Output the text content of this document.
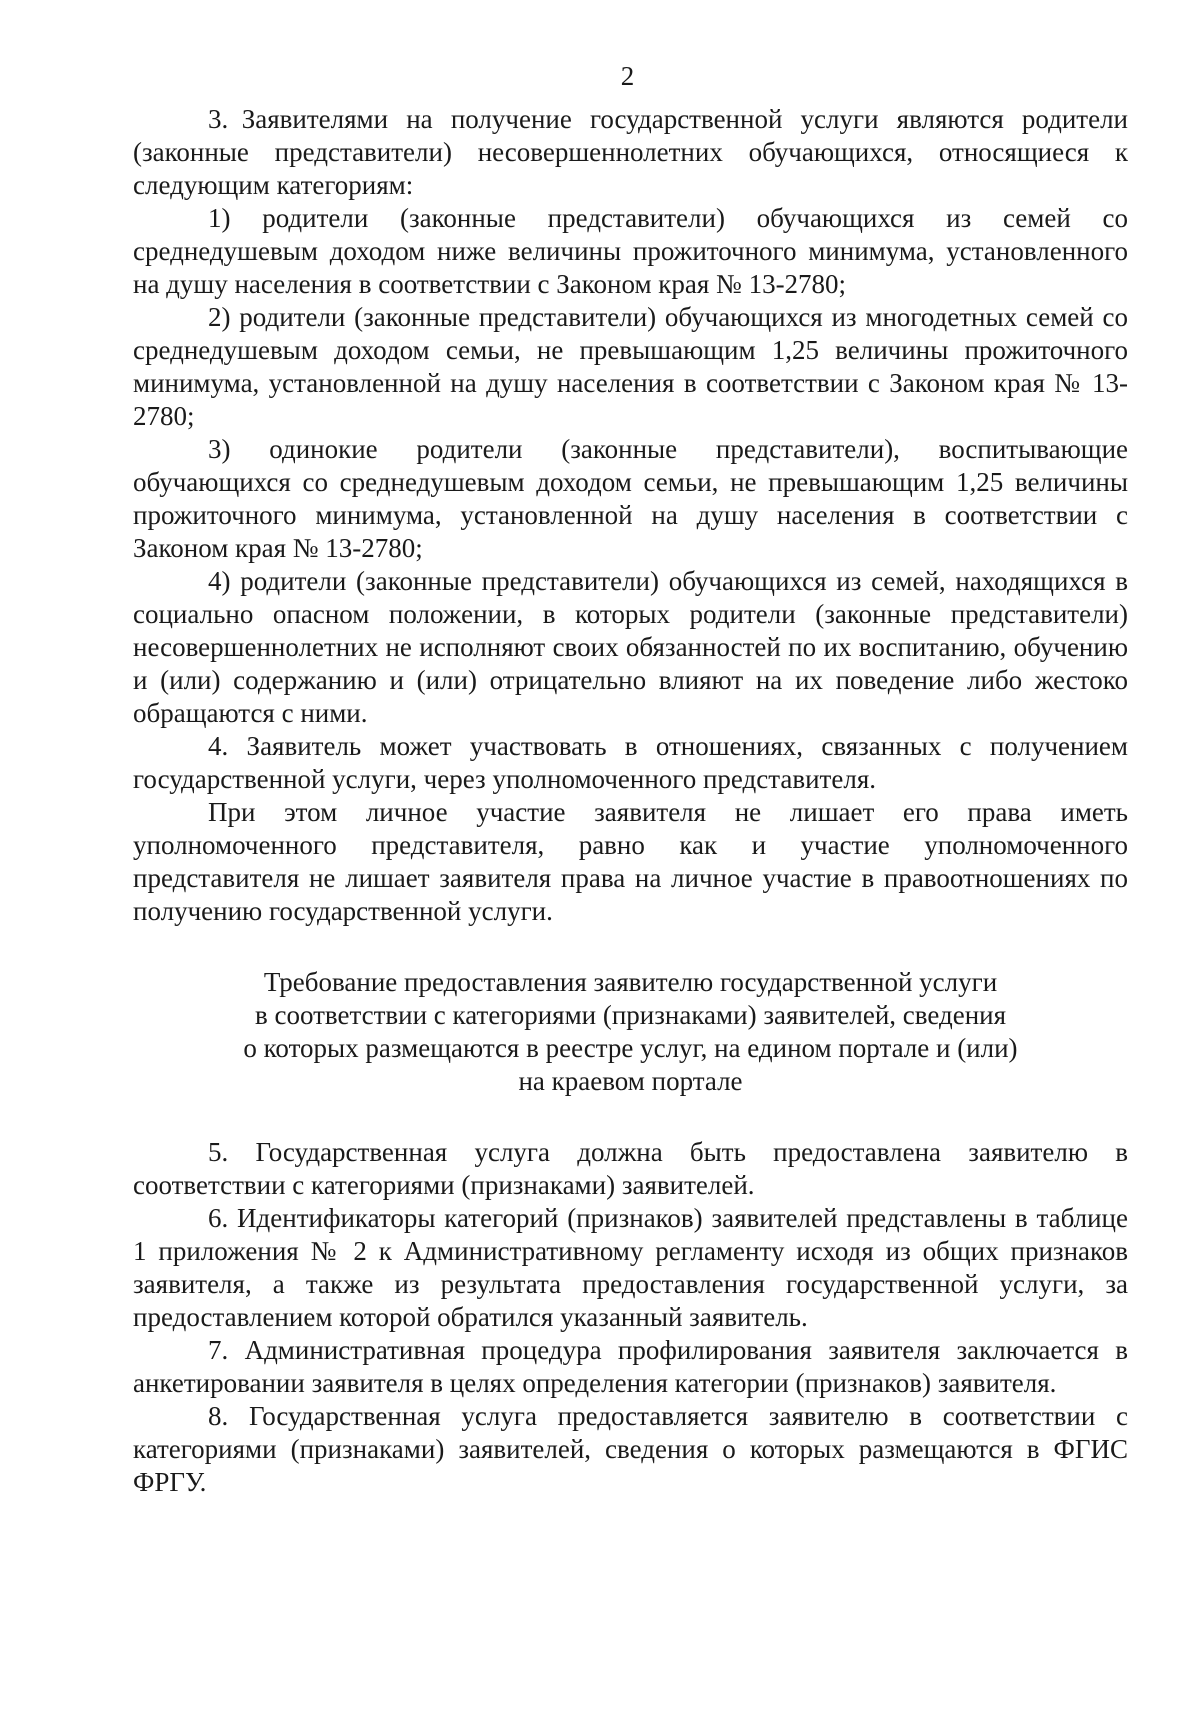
2

3. Заявителями на получение государственной услуги являются родители (законные представители) несовершеннолетних обучающихся, относящиеся к следующим категориям:

1) родители (законные представители) обучающихся из семей со среднедушевым доходом ниже величины прожиточного минимума, установленного на душу населения в соответствии с Законом края № 13-2780;

2) родители (законные представители) обучающихся из многодетных семей со среднедушевым доходом семьи, не превышающим 1,25 величины прожиточного минимума, установленной на душу населения в соответствии с Законом края № 13-2780;

3) одинокие родители (законные представители), воспитывающие обучающихся со среднедушевым доходом семьи, не превышающим 1,25 величины прожиточного минимума, установленной на душу населения в соответствии с Законом края № 13-2780;

4) родители (законные представители) обучающихся из семей, находящихся в социально опасном положении, в которых родители (законные представители) несовершеннолетних не исполняют своих обязанностей по их воспитанию, обучению и (или) содержанию и (или) отрицательно влияют на их поведение либо жестоко обращаются с ними.

4. Заявитель может участвовать в отношениях, связанных с получением государственной услуги, через уполномоченного представителя.

При этом личное участие заявителя не лишает его права иметь уполномоченного представителя, равно как и участие уполномоченного представителя не лишает заявителя права на личное участие в правоотношениях по получению государственной услуги.

Требование предоставления заявителю государственной услуги
в соответствии с категориями (признаками) заявителей, сведения
о которых размещаются в реестре услуг, на едином портале и (или)
на краевом портале

5. Государственная услуга должна быть предоставлена заявителю в соответствии с категориями (признаками) заявителей.

6. Идентификаторы категорий (признаков) заявителей представлены в таблице 1 приложения № 2 к Административному регламенту исходя из общих признаков заявителя, а также из результата предоставления государственной услуги, за предоставлением которой обратился указанный заявитель.

7. Административная процедура профилирования заявителя заключается в анкетировании заявителя в целях определения категории (признаков) заявителя.

8. Государственная услуга предоставляется заявителю в соответствии с категориями (признаками) заявителей, сведения о которых размещаются в ФГИС ФРГУ.
